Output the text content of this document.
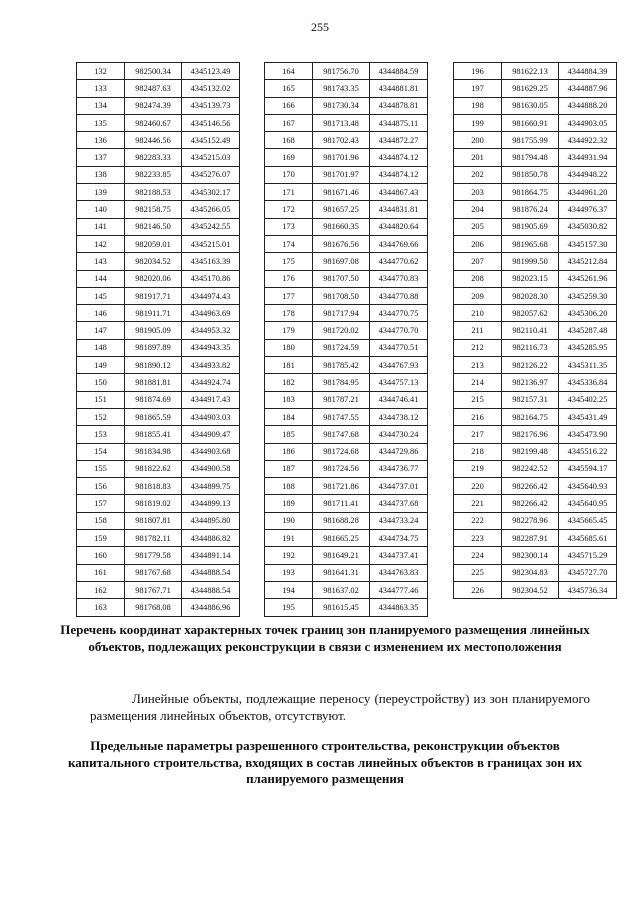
255
132	982500.34	4345123.49
133	982487.63	4345132.02
134	982474.39	4345139.73
135	982460.67	4345146.56
136	982446.56	4345152.49
137	982283.33	4345215.03
138	982233.85	4345276.07
139	982188.53	4345302.17
140	982158.75	4345266.05
141	982146.50	4345242.55
142	982059.01	4345215.01
143	982034.52	4345163.39
144	982020.06	4345170.86
145	981917.71	4344974.43
146	981911.71	4344963.69
147	981905.09	4344953.32
148	981897.89	4344943.35
149	981890.12	4344933.82
150	981881.81	4344924.74
151	981874.69	4344917.43
152	981865.59	4344903.03
153	981855.41	4344909.47
154	981834.98	4344903.68
155	981822.62	4344900.58
156	981818.83	4344899.75
157	981819.02	4344899.13
158	981807.81	4344895.80
159	981782.11	4344886.82
160	981779.58	4344891.14
161	981767.68	4344888.54
162	981767.71	4344888.54
163	981768.08	4344886.96
164	981756.70	4344884.59
165	981743.35	4344881.81
166	981730.34	4344878.81
167	981713.48	4344875.11
168	981702.43	4344872.27
169	981701.96	4344874.12
170	981701.97	4344874.12
171	981671.46	4344867.43
172	981657.25	4344831.81
173	981660.35	4344820.64
174	981676.56	4344769.66
175	981697.08	4344770.62
176	981707.50	4344770.83
177	981708.50	4344770.88
178	981717.94	4344770.75
179	981720.02	4344770.70
180	981724.59	4344770.51
181	981785.42	4344767.93
182	981784.95	4344757.13
183	981787.21	4344746.41
184	981747.55	4344738.12
185	981747.68	4344730.24
186	981724.68	4344729.86
187	981724.56	4344736.77
188	981721.86	4344737.01
189	981711.41	4344737.68
190	981688.28	4344733.24
191	981665.25	4344734.75
192	981649.21	4344737.41
193	981641.31	4344763.83
194	981637.02	4344777.46
195	981615.45	4344863.35
196	981622.13	4344884.39
197	981629.25	4344887.96
198	981630.05	4344888.20
199	981660.91	4344903.05
200	981755.99	4344922.32
201	981794.48	4344931.94
202	981850.78	4344948.22
203	981864.75	4344961.20
204	981876.24	4344976.37
205	981905.69	4345030.82
206	981965.68	4345157.30
207	981999.50	4345212.84
208	982023.15	4345261.96
209	982028.30	4345259.30
210	982057.62	4345306.20
211	982110.41	4345287.48
212	982116.73	4345285.95
213	982126.22	4345311.35
214	982136.97	4345336.84
215	982157.31	4345402.25
216	982164.75	4345431.49
217	982176.96	4345473.90
218	982199.48	4345516.22
219	982242.52	4345594.17
220	982266.42	4345640.93
221	982266.42	4345640.95
222	982278.96	4345665.45
223	982287.91	4345685.61
224	982300.14	4345715.29
225	982304.83	4345727.70
226	982304.52	4345736.34
Перечень координат характерных точек границ зон планируемого размещения линейных объектов, подлежащих реконструкции в связи с изменением их местоположения
Линейные объекты, подлежащие переносу (переустройству) из зон планируемого размещения линейных объектов, отсутствуют.
Предельные параметры разрешенного строительства, реконструкции объектов капитального строительства, входящих в состав линейных объектов в границах зон их планируемого размещения
